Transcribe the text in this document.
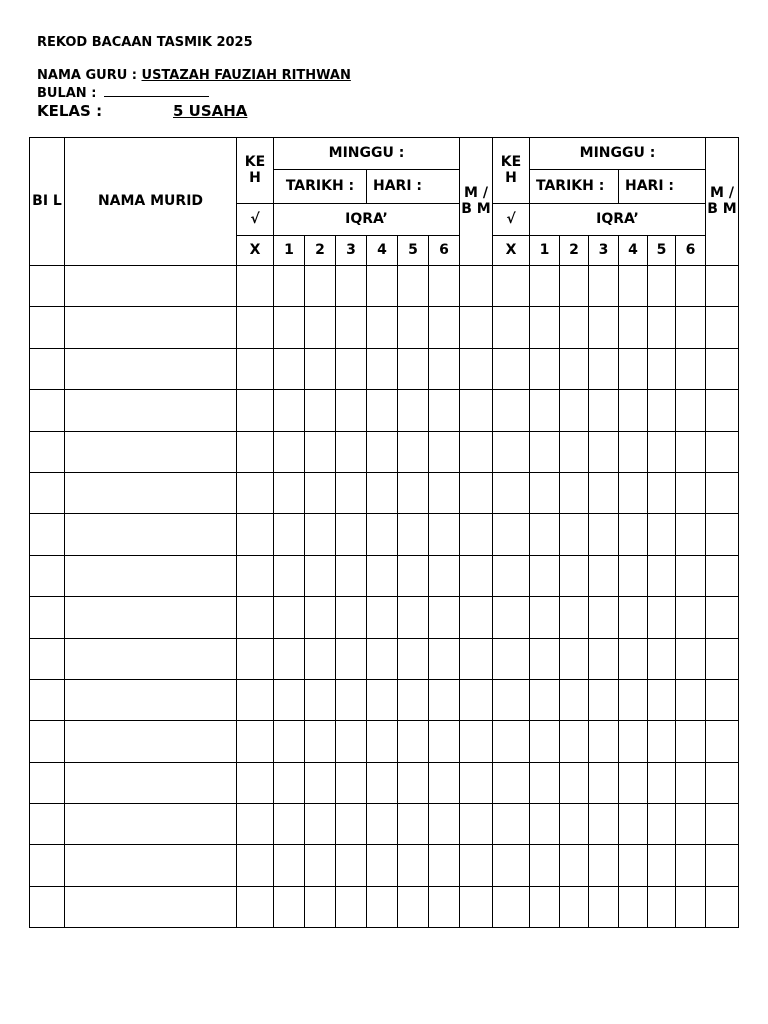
REKOD BACAAN TASMIK 2025
NAMA GURU : USTAZAH FAUZIAH RITHWAN
BULAN :
KELAS :	5 USAHA
BI L	NAMA MURID	KE H	MINGGU :						M / B M	KE H	MINGGU :						M / B M
			TARIKH :			HARI :					TARIKH :			HARI :			
		√	IQRA’							√	IQRA’						
		X	1	2	3	4	5	6		X	1	2	3	4	5	6	
